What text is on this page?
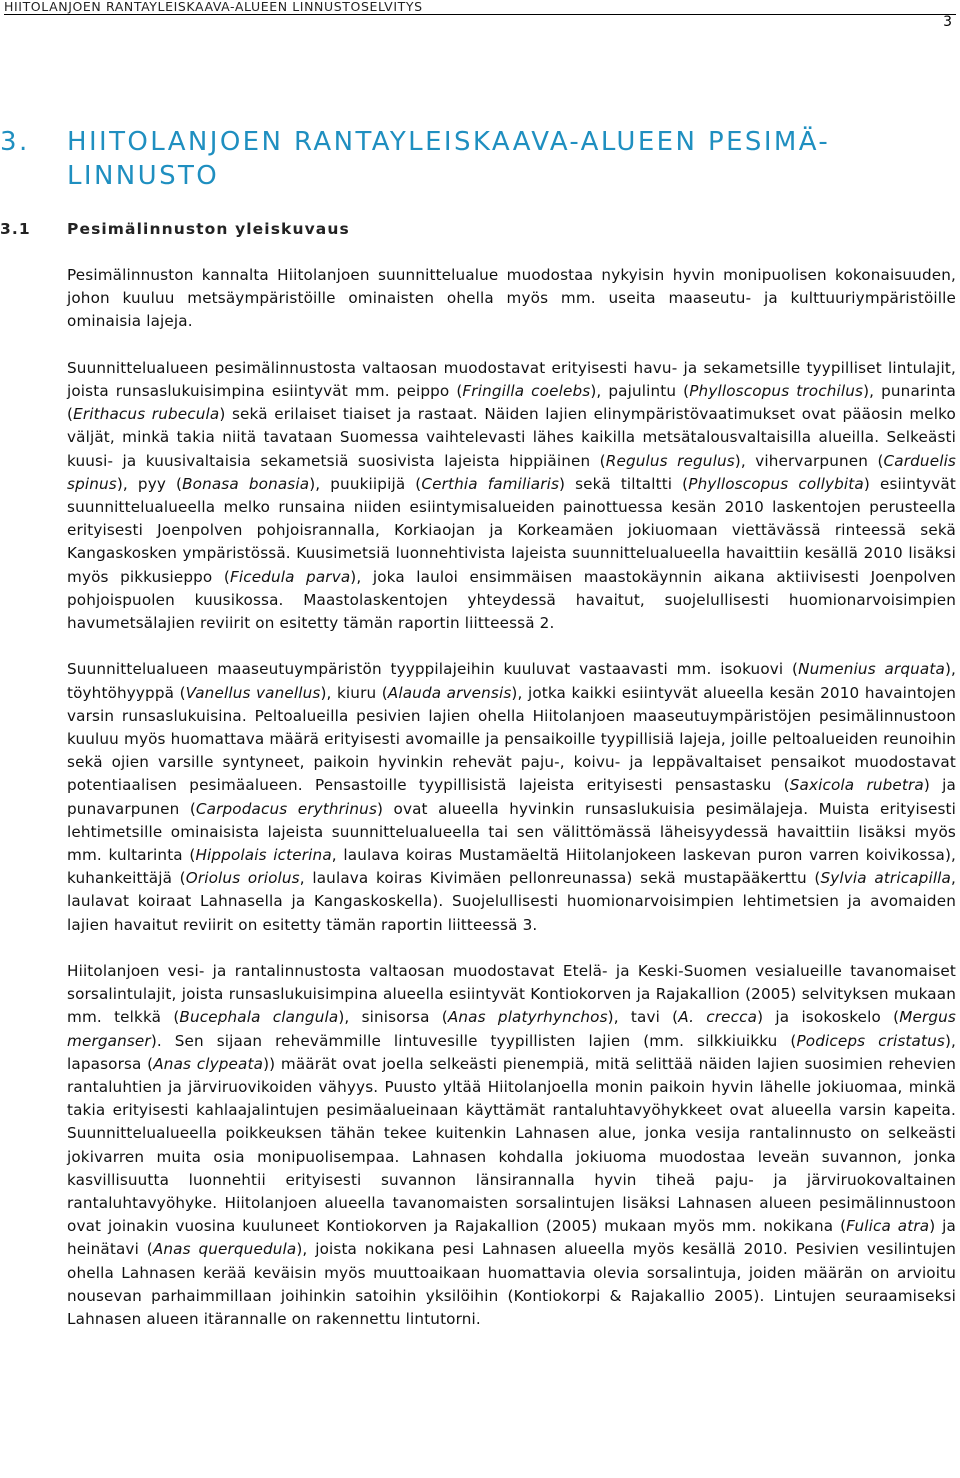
HIITOLANJOEN RANTAYLEISKAAVA-ALUEEN LINNUSTOSELVITYS
3
3. HIITOLANJOEN RANTAYLEISKAAVA-ALUEEN PESIMÄ-
LINNUSTO
3.1 Pesimälinnuston yleiskuvaus

Pesimälinnuston kannalta Hiitolanjoen suunnittelualue muodostaa nykyisin hyvin monipuolisen kokonaisuuden, johon kuuluu metsäympäristöille ominaisten ohella myös mm. useita maaseutu- ja kulttuuriympäristöille ominaisia lajeja.

Suunnittelualueen pesimälinnustosta valtaosan muodostavat erityisesti havu- ja sekametsille tyypilliset lintulajit, joista runsaslukuisimpina esiintyvät mm. peippo (Fringilla coelebs), pajulintu (Phylloscopus trochilus), punarinta (Erithacus rubecula) sekä erilaiset tiaiset ja rastaat. Näiden lajien elinympäristövaatimukset ovat pääosin melko väljät, minkä takia niitä tavataan Suomessa vaihtelevasti lähes kaikilla metsätalousvaltaisilla alueilla. Selkeästi kuusi- ja kuusivaltaisia sekametsiä suosivista lajeista hippiäinen (Regulus regulus), vihervarpunen (Carduelis spinus), pyy (Bonasa bonasia), puukiipijä (Certhia familiaris) sekä tiltaltti (Phylloscopus collybita) esiintyvät suunnittelualueella melko runsaina niiden esiintymisalueiden painottuessa kesän 2010 laskentojen perusteella erityisesti Joenpolven pohjoisrannalla, Korkiaojan ja Korkeamäen jokiuomaan viettävässä rinteessä sekä Kangaskosken ympäristössä. Kuusimetsiä luonnehtivista lajeista suunnittelualueella havaittiin kesällä 2010 lisäksi myös pikkusieppo (Ficedula parva), joka lauloi ensimmäisen maastokäynnin aikana aktiivisesti Joenpolven pohjoispuolen kuusikossa. Maastolaskentojen yhteydessä havaitut, suojelullisesti huomionarvoisimpien havumetsälajien reviirit on esitetty tämän raportin liitteessä 2.

Suunnittelualueen maaseutuympäristön tyyppilajeihin kuuluvat vastaavasti mm. isokuovi (Numenius arquata), töyhtöhyyppä (Vanellus vanellus), kiuru (Alauda arvensis), jotka kaikki esiintyvät alueella kesän 2010 havaintojen varsin runsaslukuisina. Peltoalueilla pesivien lajien ohella Hiitolanjoen maaseutuympäristöjen pesimälinnustoon kuuluu myös huomattava määrä erityisesti avomaille ja pensaikoille tyypillisiä lajeja, joille peltoalueiden reunoihin sekä ojien varsille syntyneet, paikoin hyvinkin rehevät paju-, koivu- ja leppävaltaiset pensaikot muodostavat potentiaalisen pesimäalueen. Pensastoille tyypillisistä lajeista erityisesti pensastasku (Saxicola rubetra) ja punavarpunen (Carpodacus erythrinus) ovat alueella hyvinkin runsaslukuisia pesimälajeja. Muista erityisesti lehtimetsille ominaisista lajeista suunnittelualueella tai sen välittömässä läheisyydessä havaittiin lisäksi myös mm. kultarinta (Hippolais icterina, laulava koiras Mustamäeltä Hiitolanjokeen laskevan puron varren koivikossa), kuhankeittäjä (Oriolus oriolus, laulava koiras Kivimäen pellonreunassa) sekä mustapääkerttu (Sylvia atricapilla, laulavat koiraat Lahnasella ja Kangaskoskella). Suojelullisesti huomionarvoisimpien lehtimetsien ja avomaiden lajien havaitut reviirit on esitetty tämän raportin liitteessä 3.

Hiitolanjoen vesi- ja rantalinnustosta valtaosan muodostavat Etelä- ja Keski-Suomen vesialueille tavanomaiset sorsalintulajit, joista runsaslukuisimpina alueella esiintyvät Kontiokorven ja Rajakallion (2005) selvityksen mukaan mm. telkkä (Bucephala clangula), sinisorsa (Anas platyrhynchos), tavi (A. crecca) ja isokoskelo (Mergus merganser). Sen sijaan rehevämmille lintuvesille tyypillisten lajien (mm. silkkiuikku (Podiceps cristatus), lapasorsa (Anas clypeata)) määrät ovat joella selkeästi pienempiä, mitä selittää näiden lajien suosimien rehevien rantaluhtien ja järviruovikoiden vähyys. Puusto yltää Hiitolanjoella monin paikoin hyvin lähelle jokiuomaa, minkä takia erityisesti kahlaajalintujen pesimäalueinaan käyttämät rantaluhtavyöhykkeet ovat alueella varsin kapeita. Suunnittelualueella poikkeuksen tähän tekee kuitenkin Lahnasen alue, jonka vesija rantalinnusto on selkeästi jokivarren muita osia monipuolisempaa. Lahnasen kohdalla jokiuoma muodostaa leveän suvannon, jonka kasvillisuutta luonnehtii erityisesti suvannon länsirannalla hyvin tiheä paju- ja järviruokovaltainen rantaluhtavyöhyke. Hiitolanjoen alueella tavanomaisten sorsalintujen lisäksi Lahnasen alueen pesimälinnustoon ovat joinakin vuosina kuuluneet Kontiokorven ja Rajakallion (2005) mukaan myös mm. nokikana (Fulica atra) ja heinätavi (Anas querquedula), joista nokikana pesi Lahnasen alueella myös kesällä 2010. Pesivien vesilintujen ohella Lahnasen kerää keväisin myös muuttoaikaan huomattavia olevia sorsalintuja, joiden määrän on arvioitu nousevan parhaimmillaan joihinkin satoihin yksilöihin (Kontiokorpi & Rajakallio 2005). Lintujen seuraamiseksi Lahnasen alueen itärannalle on rakennettu lintutorni.
